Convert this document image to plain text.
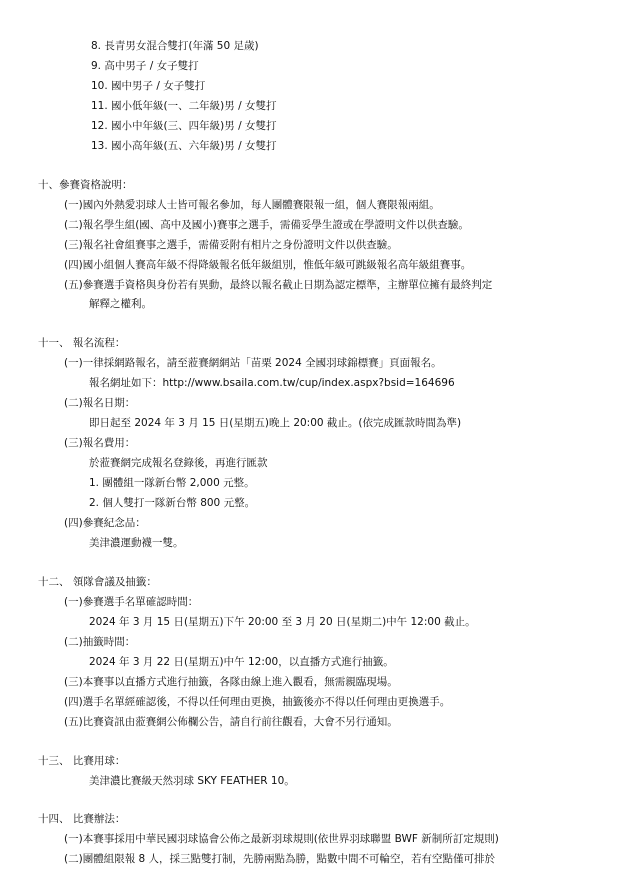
8. 長青男女混合雙打(年滿 50 足歲)
9. 高中男子 / 女子雙打
10. 國中男子 / 女子雙打
11. 國小低年級(一、二年級)男 / 女雙打
12. 國小中年級(三、四年級)男 / 女雙打
13. 國小高年級(五、六年級)男 / 女雙打
十、參賽資格說明：
(一)國內外熱愛羽球人士皆可報名參加，每人團體賽限報一組，個人賽限報兩組。
(二)報名學生組(國、高中及國小)賽事之選手，需備妥學生證或在學證明文件以供查驗。
(三)報名社會組賽事之選手，需備妥附有相片之身份證明文件以供查驗。
(四)國小組個人賽高年級不得降級報名低年級組別，惟低年級可跳級報名高年級組賽事。
(五)參賽選手資格與身份若有異動，最終以報名截止日期為認定標準，主辦單位擁有最終判定
解釋之權利。
十一、 報名流程：
(一)一律採網路報名，請至蒞賽網網站「苗栗 2024 全國羽球錦標賽」頁面報名。
報名網址如下：http://www.bsaila.com.tw/cup/index.aspx?bsid=164696
(二)報名日期：
即日起至 2024 年 3 月 15 日(星期五)晚上 20:00 截止。(依完成匯款時間為準)
(三)報名費用：
於蒞賽網完成報名登錄後，再進行匯款
1. 團體組一隊新台幣 2,000 元整。
2. 個人雙打一隊新台幣 800 元整。
(四)參賽紀念品：
美津濃運動襪一雙。
十二、 領隊會議及抽籤：
(一)參賽選手名單確認時間：
2024 年 3 月 15 日(星期五)下午 20:00 至 3 月 20 日(星期二)中午 12:00 截止。
(二)抽籤時間：
2024 年 3 月 22 日(星期五)中午 12:00，以直播方式進行抽籤。
(三)本賽事以直播方式進行抽籤，各隊由線上進入觀看，無需親臨現場。
(四)選手名單經確認後，不得以任何理由更換，抽籤後亦不得以任何理由更換選手。
(五)比賽資訊由蒞賽網公佈欄公告，請自行前往觀看，大會不另行通知。
十三、 比賽用球：
美津濃比賽級天然羽球 SKY FEATHER 10。
十四、 比賽辦法：
(一)本賽事採用中華民國羽球協會公佈之最新羽球規則(依世界羽球聯盟 BWF 新制所訂定規則)
(二)團體組限報 8 人，採三點雙打制，先勝兩點為勝，點數中間不可輪空，若有空點僅可排於
